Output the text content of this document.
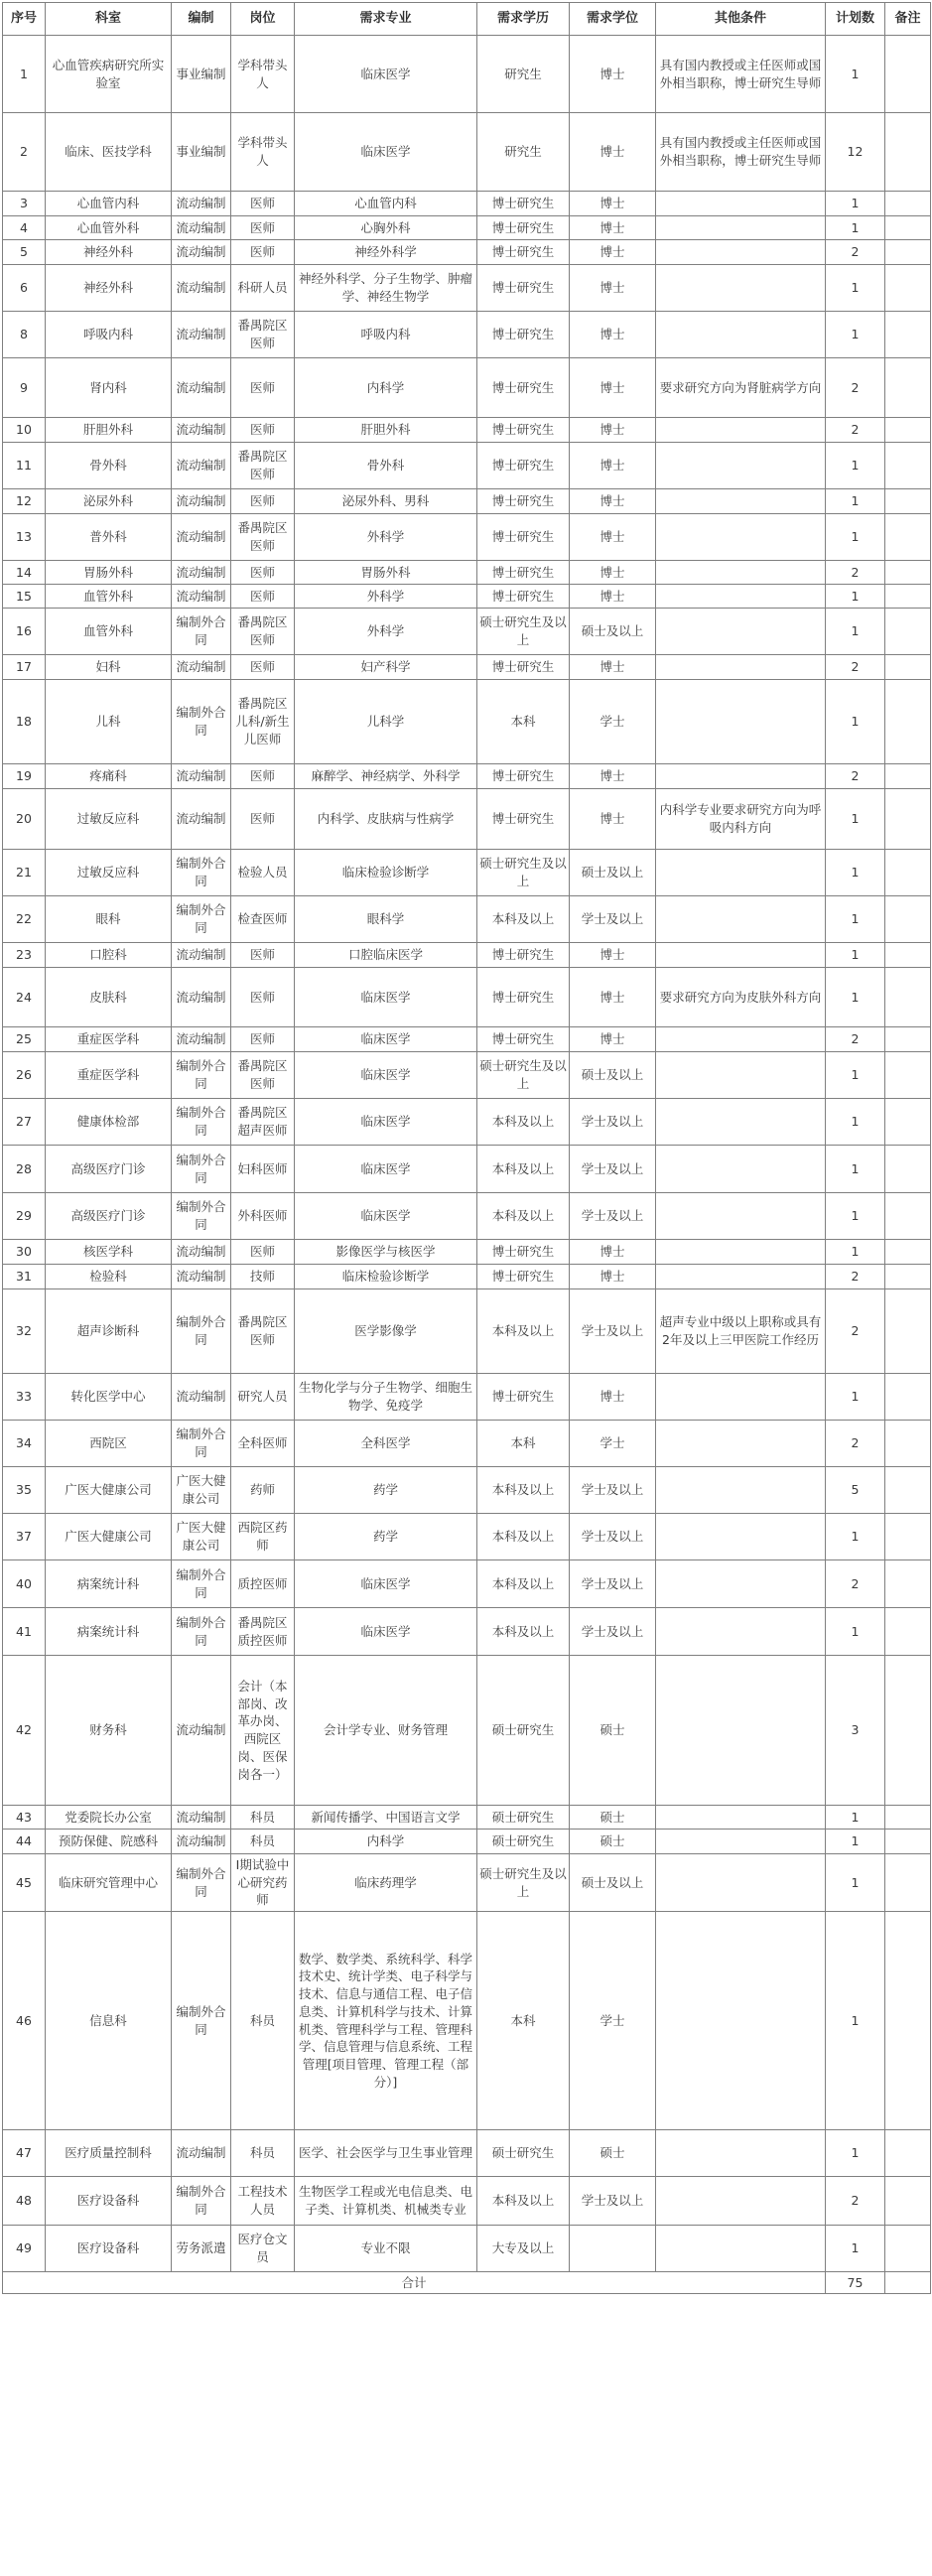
序号	科室	编制	岗位	需求专业	需求学历	需求学位	其他条件	计划数	备注
1	心血管疾病研究所实验室	事业编制	学科带头人	临床医学	研究生	博士	具有国内教授或主任医师或国外相当职称，博士研究生导师	1	
2	临床、医技学科	事业编制	学科带头人	临床医学	研究生	博士	具有国内教授或主任医师或国外相当职称，博士研究生导师	12	
3	心血管内科	流动编制	医师	心血管内科	博士研究生	博士		1	
4	心血管外科	流动编制	医师	心胸外科	博士研究生	博士		1	
5	神经外科	流动编制	医师	神经外科学	博士研究生	博士		2	
6	神经外科	流动编制	科研人员	神经外科学、分子生物学、肿瘤学、神经生物学	博士研究生	博士		1	
8	呼吸内科	流动编制	番禺院区医师	呼吸内科	博士研究生	博士		1	
9	肾内科	流动编制	医师	内科学	博士研究生	博士	要求研究方向为肾脏病学方向	2	
10	肝胆外科	流动编制	医师	肝胆外科	博士研究生	博士		2	
11	骨外科	流动编制	番禺院区医师	骨外科	博士研究生	博士		1	
12	泌尿外科	流动编制	医师	泌尿外科、男科	博士研究生	博士		1	
13	普外科	流动编制	番禺院区医师	外科学	博士研究生	博士		1	
14	胃肠外科	流动编制	医师	胃肠外科	博士研究生	博士		2	
15	血管外科	流动编制	医师	外科学	博士研究生	博士		1	
16	血管外科	编制外合同	番禺院区医师	外科学	硕士研究生及以上	硕士及以上		1	
17	妇科	流动编制	医师	妇产科学	博士研究生	博士		2	
18	儿科	编制外合同	番禺院区儿科/新生儿医师	儿科学	本科	学士		1	
19	疼痛科	流动编制	医师	麻醉学、神经病学、外科学	博士研究生	博士		2	
20	过敏反应科	流动编制	医师	内科学、皮肤病与性病学	博士研究生	博士	内科学专业要求研究方向为呼吸内科方向	1	
21	过敏反应科	编制外合同	检验人员	临床检验诊断学	硕士研究生及以上	硕士及以上		1	
22	眼科	编制外合同	检查医师	眼科学	本科及以上	学士及以上		1	
23	口腔科	流动编制	医师	口腔临床医学	博士研究生	博士		1	
24	皮肤科	流动编制	医师	临床医学	博士研究生	博士	要求研究方向为皮肤外科方向	1	
25	重症医学科	流动编制	医师	临床医学	博士研究生	博士		2	
26	重症医学科	编制外合同	番禺院区医师	临床医学	硕士研究生及以上	硕士及以上		1	
27	健康体检部	编制外合同	番禺院区超声医师	临床医学	本科及以上	学士及以上		1	
28	高级医疗门诊	编制外合同	妇科医师	临床医学	本科及以上	学士及以上		1	
29	高级医疗门诊	编制外合同	外科医师	临床医学	本科及以上	学士及以上		1	
30	核医学科	流动编制	医师	影像医学与核医学	博士研究生	博士		1	
31	检验科	流动编制	技师	临床检验诊断学	博士研究生	博士		2	
32	超声诊断科	编制外合同	番禺院区医师	医学影像学	本科及以上	学士及以上	超声专业中级以上职称或具有2年及以上三甲医院工作经历	2	
33	转化医学中心	流动编制	研究人员	生物化学与分子生物学、细胞生物学、免疫学	博士研究生	博士		1	
34	西院区	编制外合同	全科医师	全科医学	本科	学士		2	
35	广医大健康公司	广医大健康公司	药师	药学	本科及以上	学士及以上		5	
37	广医大健康公司	广医大健康公司	西院区药师	药学	本科及以上	学士及以上		1	
40	病案统计科	编制外合同	质控医师	临床医学	本科及以上	学士及以上		2	
41	病案统计科	编制外合同	番禺院区质控医师	临床医学	本科及以上	学士及以上		1	
42	财务科	流动编制	会计（本部岗、改革办岗、西院区岗、医保岗各一）	会计学专业、财务管理	硕士研究生	硕士		3	
43	党委院长办公室	流动编制	科员	新闻传播学、中国语言文学	硕士研究生	硕士		1	
44	预防保健、院感科	流动编制	科员	内科学	硕士研究生	硕士		1	
45	临床研究管理中心	编制外合同	I期试验中心研究药师	临床药理学	硕士研究生及以上	硕士及以上		1	
46	信息科	编制外合同	科员	数学、数学类、系统科学、科学技术史、统计学类、电子科学与技术、信息与通信工程、电子信息类、计算机科学与技术、计算机类、管理科学与工程、管理科学、信息管理与信息系统、工程管理[项目管理、管理工程（部分）]	本科	学士		1	
47	医疗质量控制科	流动编制	科员	医学、社会医学与卫生事业管理	硕士研究生	硕士		1	
48	医疗设备科	编制外合同	工程技术人员	生物医学工程或光电信息类、电子类、计算机类、机械类专业	本科及以上	学士及以上		2	
49	医疗设备科	劳务派遣	医疗仓文员	专业不限	大专及以上			1	
合计								75	
